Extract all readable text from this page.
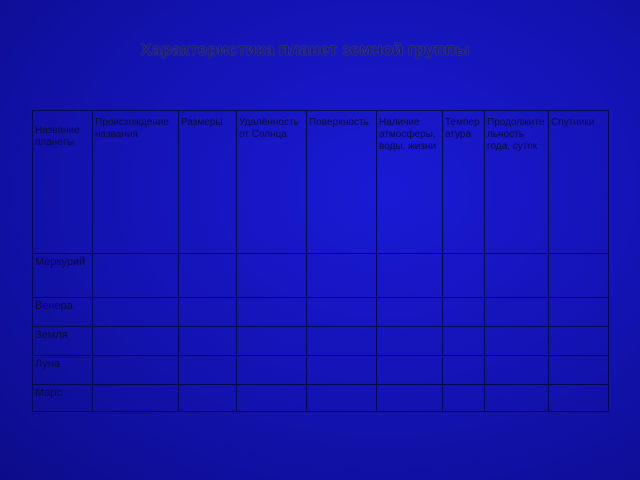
Характеристика планет земной группы
Название планеты	Происхождение названия	Размеры	Удалённость от Солнца	Поверхность	Наличие атмосферы, воды, жизни	Температура	Продолжительность года, суток	Спутники
Меркурий								
Венера								
Земля								
Луна								
Марс								
